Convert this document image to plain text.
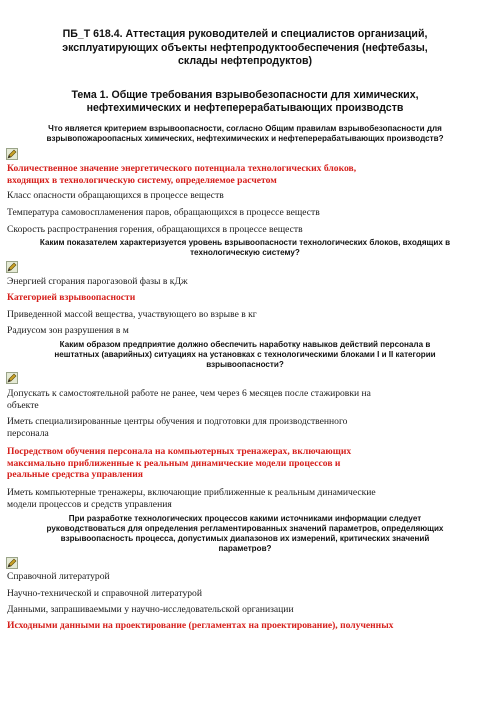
ПБ_Т 618.4. Аттестация руководителей и специалистов организаций,
эксплуатирующих объекты нефтепродуктообеспечения (нефтебазы,
склады нефтепродуктов)
Тема 1. Общие требования взрывобезопасности для химических,
нефтехимических и нефтеперерабатывающих производств
Что является критерием взрывоопасности, согласно Общим правилам взрывобезопасности для
взрывопожароопасных химических, нефтехимических и нефтеперерабатывающих производств?
Количественное значение энергетического потенциала технологических блоков,
входящих в технологическую систему, определяемое расчетом
Класс опасности обращающихся в процессе веществ
Температура самовоспламенения паров, обращающихся в процессе веществ
Скорость распространения горения, обращающихся в процессе веществ
Каким показателем характеризуется уровень взрывоопасности технологических блоков, входящих в
технологическую систему?
Энергией сгорания парогазовой фазы в кДж
Категорией взрывоопасности
Приведенной массой вещества, участвующего во взрыве в кг
Радиусом зон разрушения в м
Каким образом предприятие должно обеспечить наработку навыков действий персонала в
нештатных (аварийных) ситуациях на установках с технологическими блоками I и II категории
взрывоопасности?
Допускать к самостоятельной работе не ранее, чем через 6 месяцев после стажировки на
объекте
Иметь специализированные центры обучения и подготовки для производственного
персонала
Посредством обучения персонала на компьютерных тренажерах, включающих
максимально приближенные к реальным динамические модели процессов и
реальные средства управления
Иметь компьютерные тренажеры, включающие приближенные к реальным динамические
модели процессов и средств управления
При разработке технологических процессов какими источниками информации следует
руководствоваться для определения регламентированных значений параметров, определяющих
взрывоопасность процесса, допустимых диапазонов их измерений, критических значений
параметров?
Справочной литературой
Научно-технической и справочной литературой
Данными, запрашиваемыми у научно-исследовательской организации
Исходными данными на проектирование (регламентах на проектирование), полученных
